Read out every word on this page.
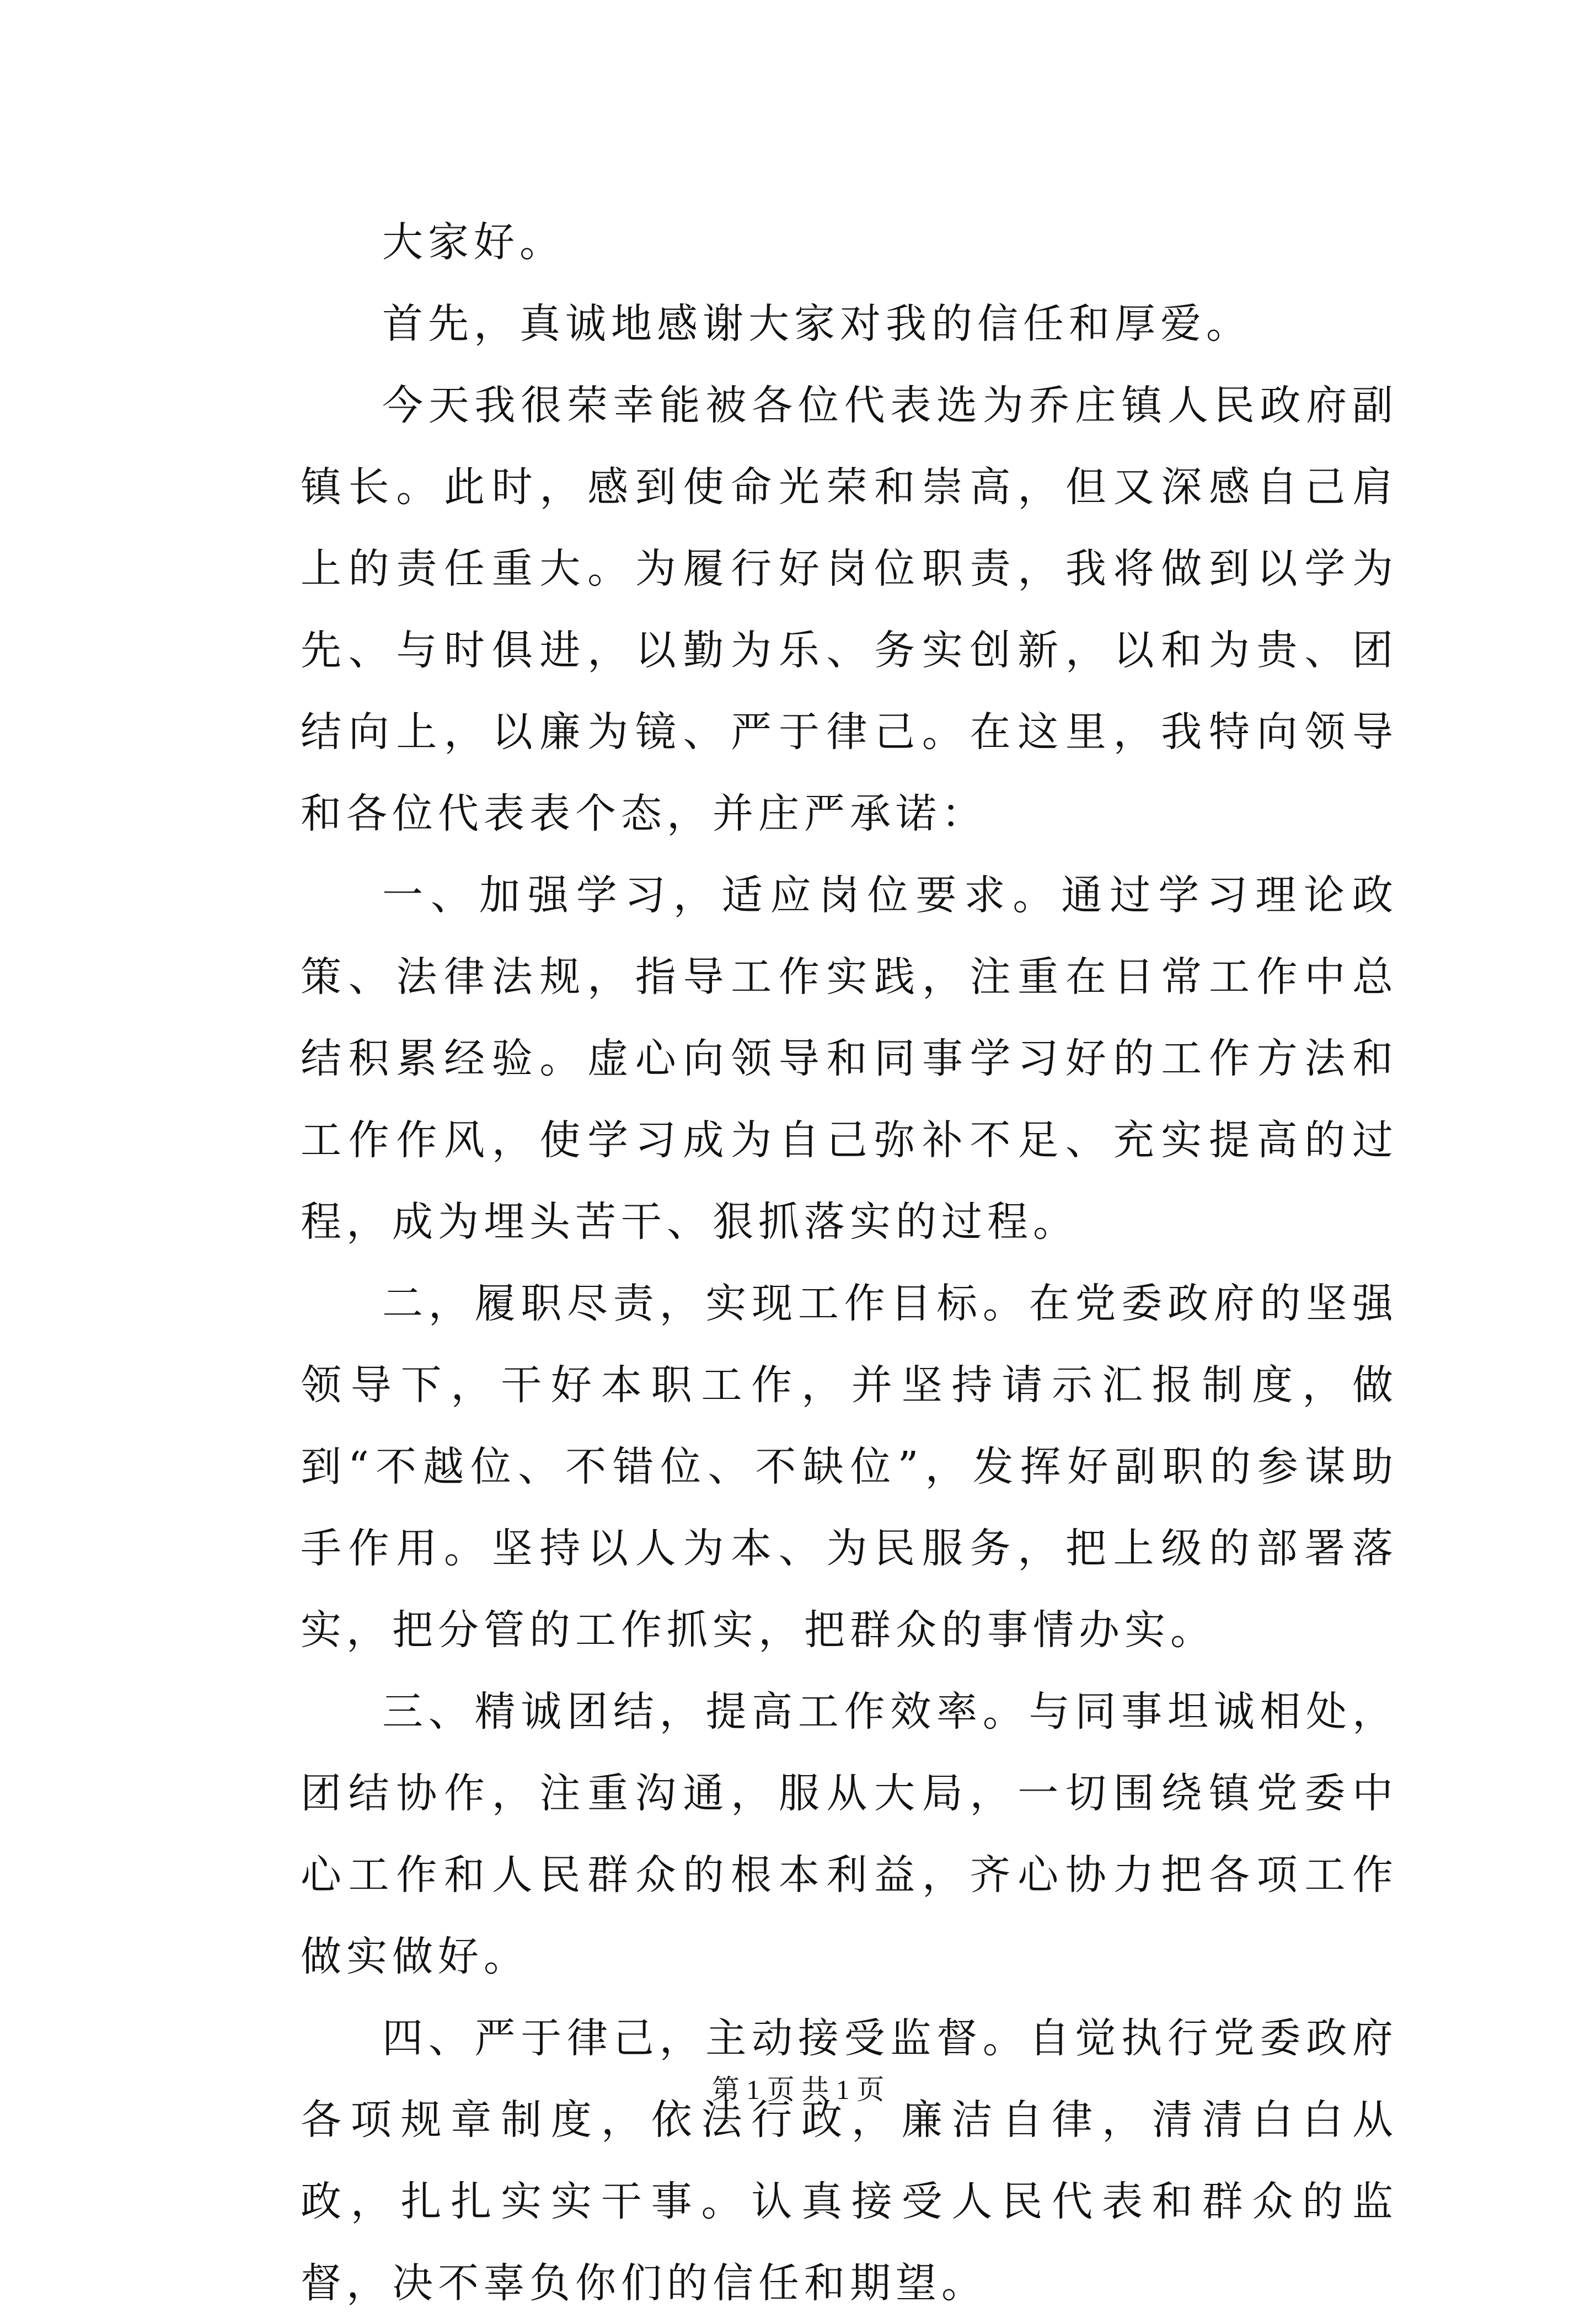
大家好。

首先，真诚地感谢大家对我的信任和厚爱。

今天我很荣幸能被各位代表选为乔庄镇人民政府副镇长。此时，感到使命光荣和崇高，但又深感自己肩上的责任重大。为履行好岗位职责，我将做到以学为先、与时俱进，以勤为乐、务实创新，以和为贵、团结向上，以廉为镜、严于律己。在这里，我特向领导和各位代表表个态，并庄严承诺：

一、加强学习，适应岗位要求。通过学习理论政策、法律法规，指导工作实践，注重在日常工作中总结积累经验。虚心向领导和同事学习好的工作方法和工作作风，使学习成为自己弥补不足、充实提高的过程，成为埋头苦干、狠抓落实的过程。

二，履职尽责，实现工作目标。在党委政府的坚强领导下，干好本职工作，并坚持请示汇报制度，做到“不越位、不错位、不缺位”，发挥好副职的参谋助手作用。坚持以人为本、为民服务，把上级的部署落实，把分管的工作抓实，把群众的事情办实。

三、精诚团结，提高工作效率。与同事坦诚相处，团结协作，注重沟通，服从大局，一切围绕镇党委中心工作和人民群众的根本利益，齐心协力把各项工作做实做好。

四、严于律己，主动接受监督。自觉执行党委政府各项规章制度，依法行政，廉洁自律，清清白白从政，扎扎实实干事。认真接受人民代表和群众的监督，决不辜负你们的信任和期望。

第 1 页 共 1 页
